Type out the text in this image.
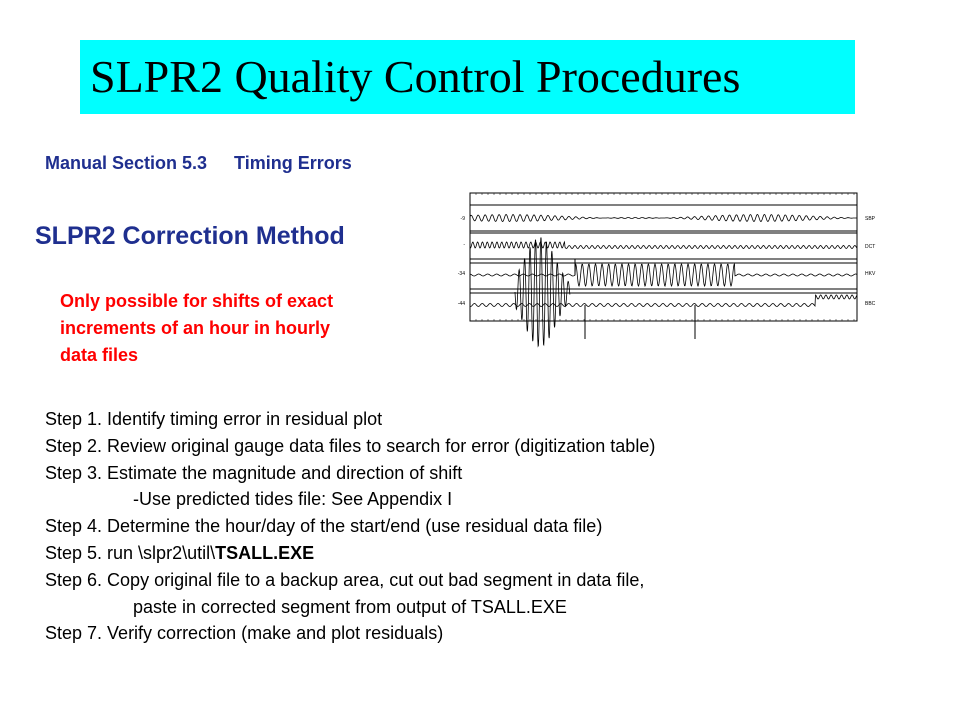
SLPR2 Quality Control Procedures
Manual Section 5.3 Timing Errors
SLPR2 Correction Method
Only possible for shifts of exact
increments of an hour in hourly
data files
-9
-
-34
-44
SBP
DCT
HKV
BBC
Step 1. Identify timing error in residual plot
Step 2. Review original gauge data files to search for error (digitization table)
Step 3. Estimate the magnitude and direction of shift
-Use predicted tides file: See Appendix I
Step 4. Determine the hour/day of the start/end (use residual data file)
Step 5. run \slpr2\util\TSALL.EXE
Step 6. Copy original file to a backup area, cut out bad segment in data file,
paste in corrected segment from output of TSALL.EXE
Step 7. Verify correction (make and plot residuals)
